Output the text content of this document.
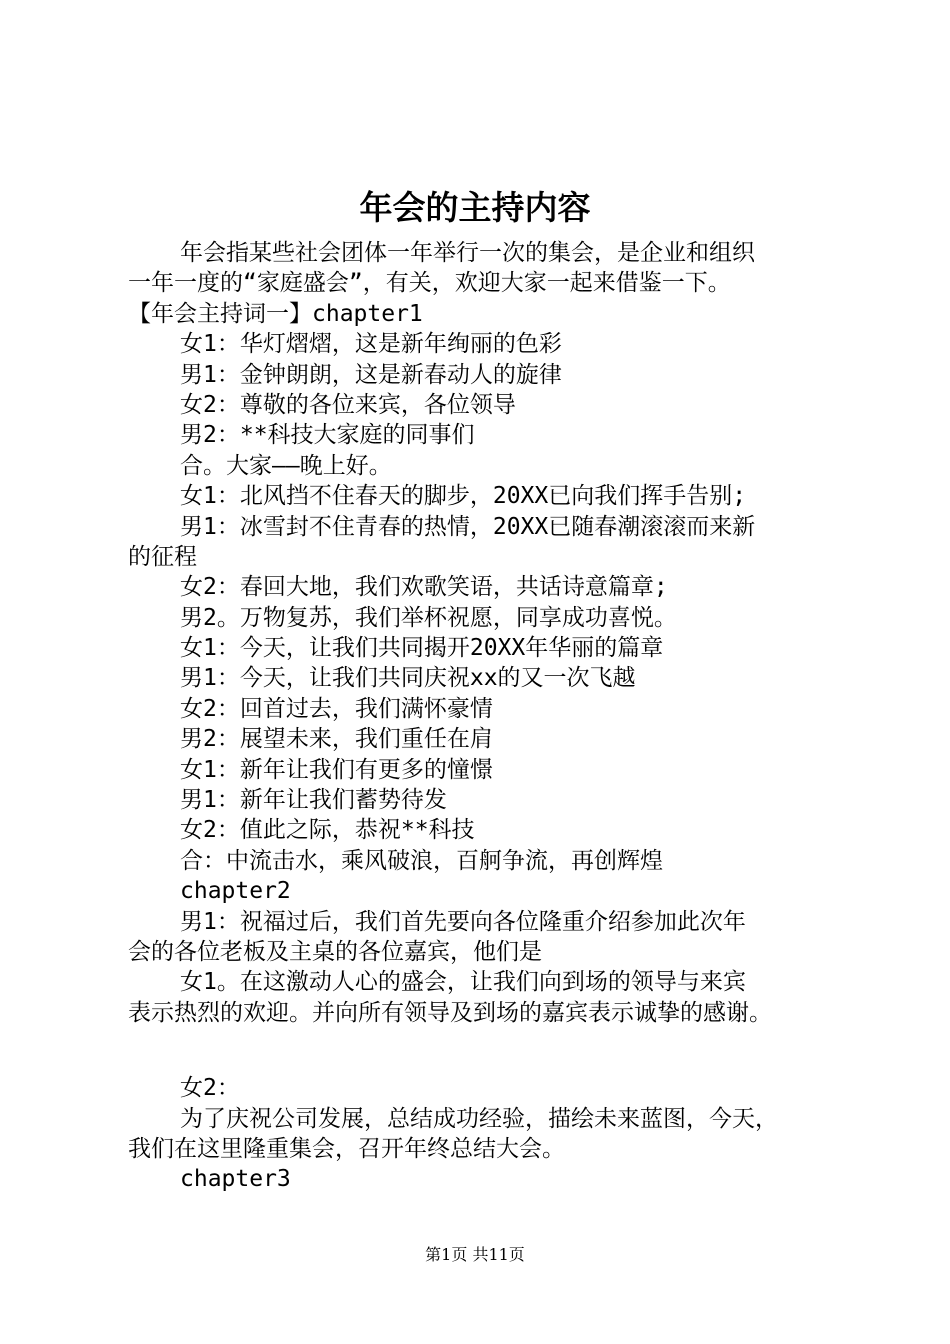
年会的主持内容
年会指某些社会团体一年举行一次的集会，是企业和组织
一年一度的“家庭盛会”，有关，欢迎大家一起来借鉴一下。
【年会主持词一】chapter1
女1：华灯熠熠，这是新年绚丽的色彩
男1：金钟朗朗，这是新春动人的旋律
女2：尊敬的各位来宾，各位领导
男2：**科技大家庭的同事们
合。大家——晚上好。
女1：北风挡不住春天的脚步，20XX已向我们挥手告别;
男1：冰雪封不住青春的热情，20XX已随春潮滚滚而来新
的征程
女2：春回大地，我们欢歌笑语，共话诗意篇章;
男2。万物复苏，我们举杯祝愿，同享成功喜悦。
女1：今天，让我们共同揭开20XX年华丽的篇章
男1：今天，让我们共同庆祝xx的又一次飞越
女2：回首过去，我们满怀豪情
男2：展望未来，我们重任在肩
女1：新年让我们有更多的憧憬
男1：新年让我们蓄势待发
女2：值此之际，恭祝**科技
合：中流击水，乘风破浪，百舸争流，再创辉煌
chapter2
男1：祝福过后，我们首先要向各位隆重介绍参加此次年
会的各位老板及主桌的各位嘉宾，他们是
女1。在这激动人心的盛会，让我们向到场的领导与来宾
表示热烈的欢迎。并向所有领导及到场的嘉宾表示诚挚的感谢。
女2：
为了庆祝公司发展，总结成功经验，描绘未来蓝图，今天，
我们在这里隆重集会，召开年终总结大会。
chapter3
第1页 共11页
